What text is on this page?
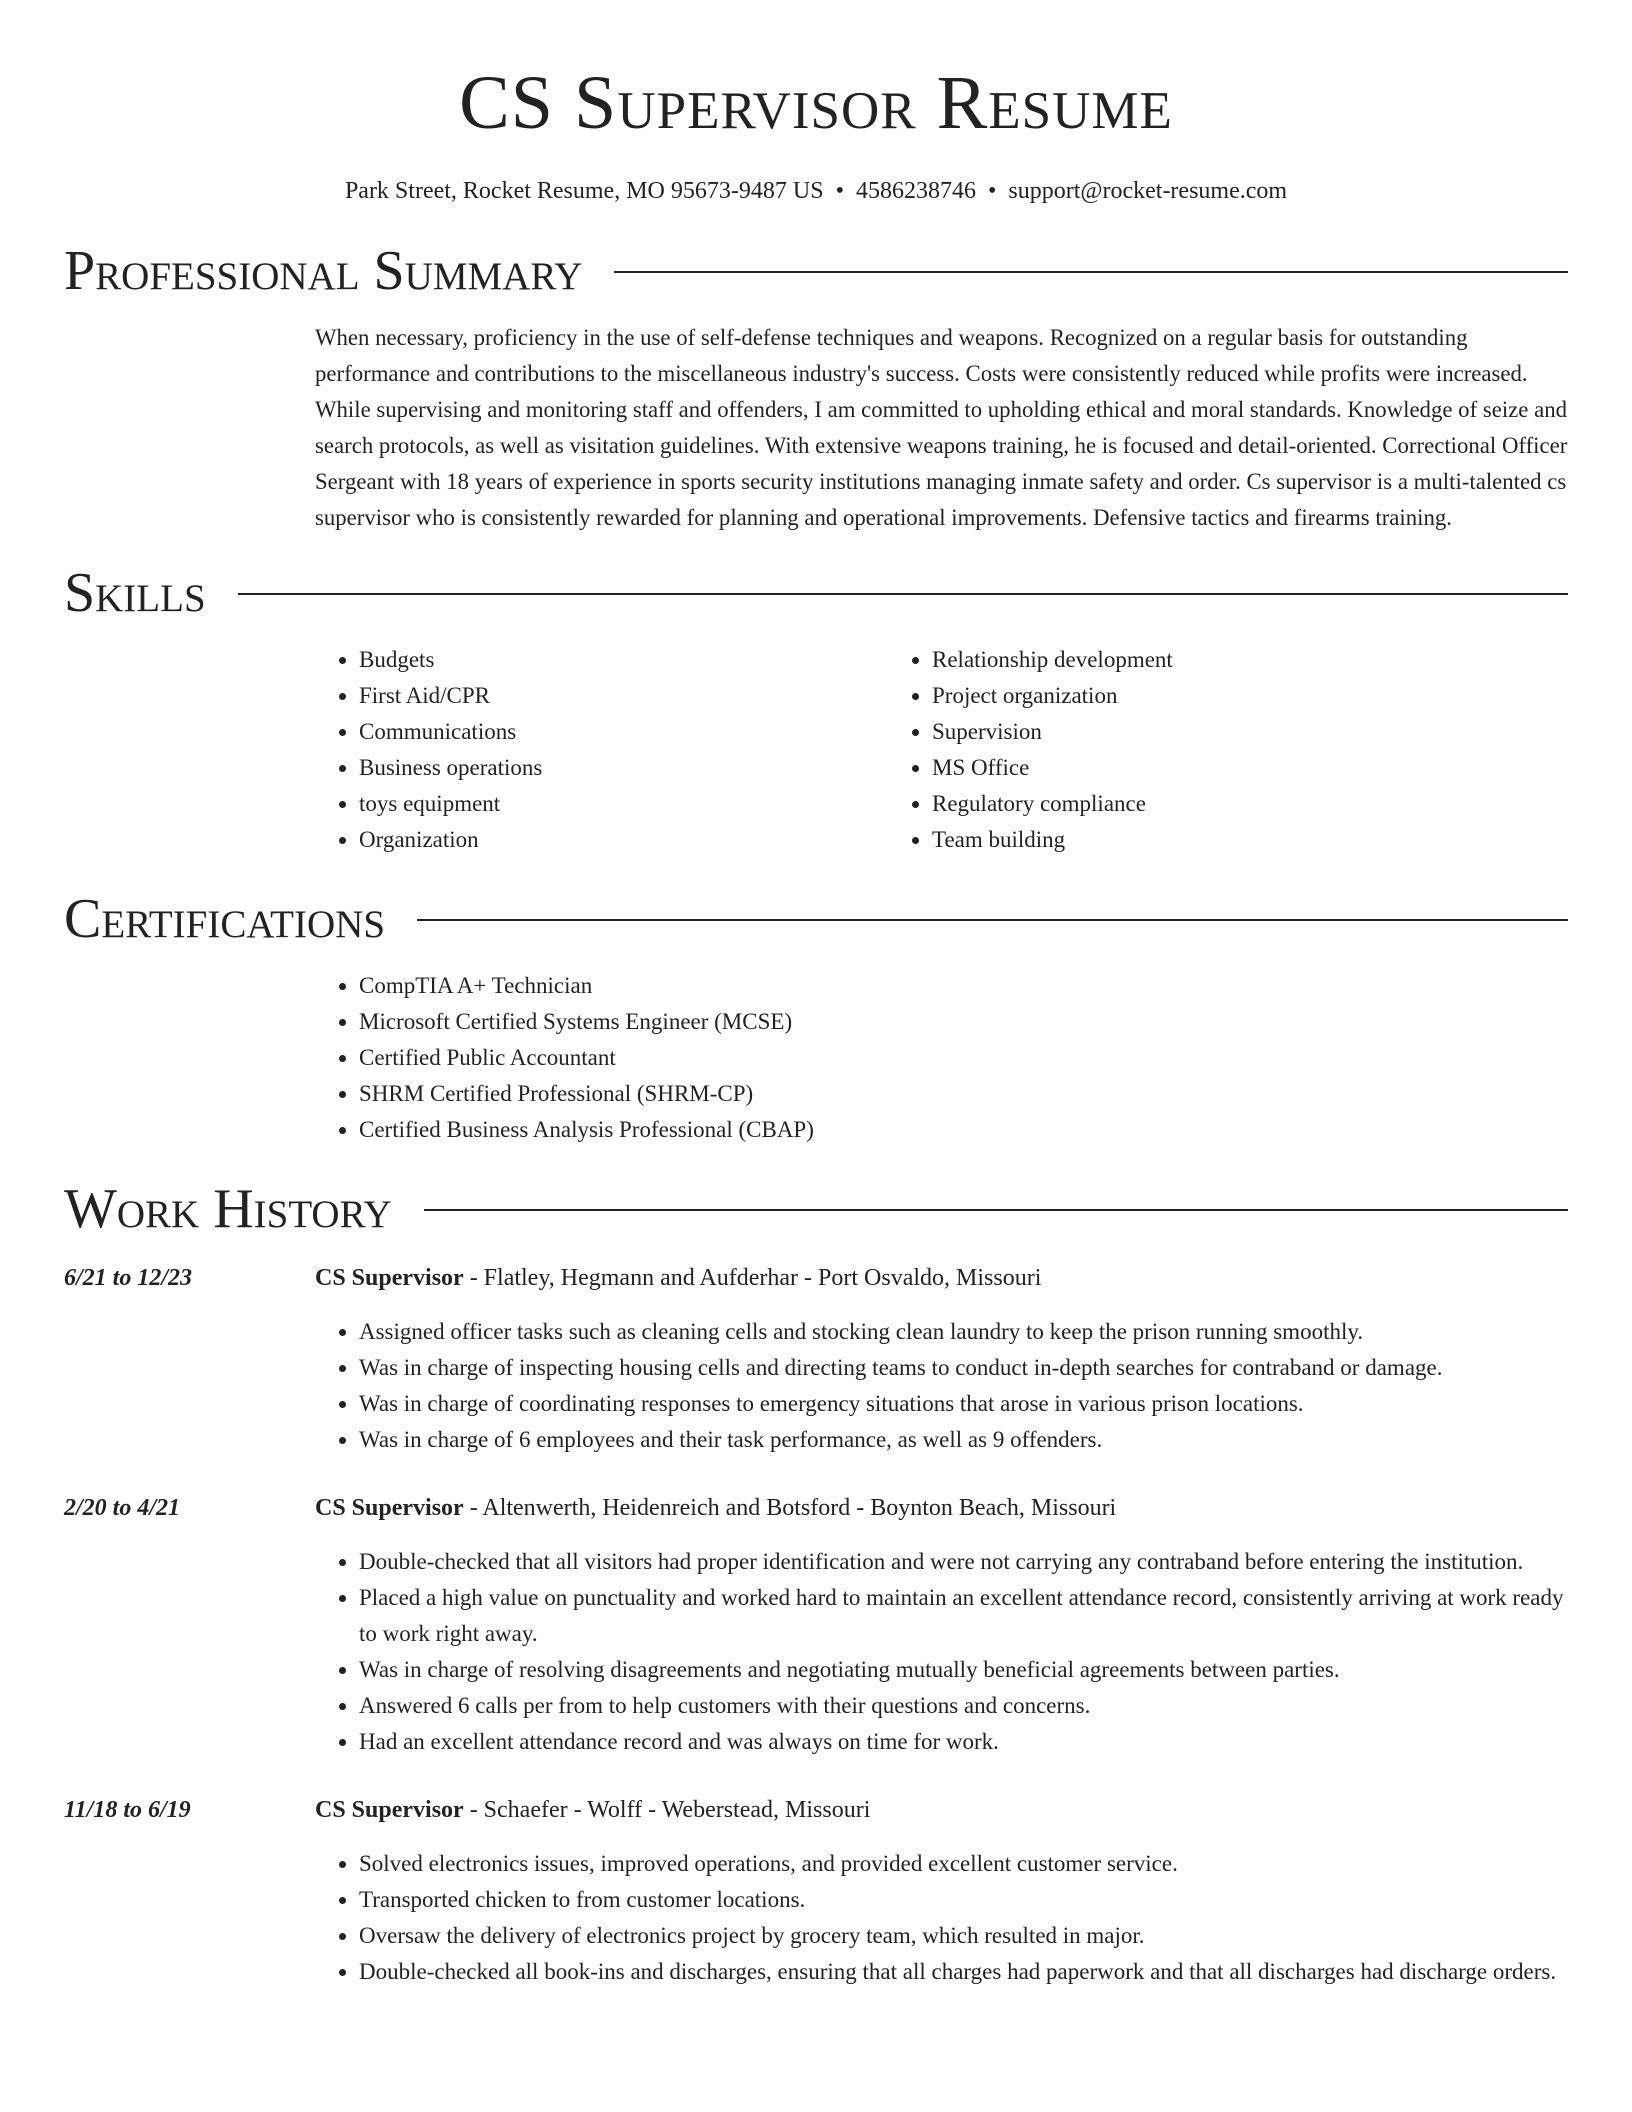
CS Supervisor Resume
Park Street, Rocket Resume, MO 95673-9487 US • 4586238746 • support@rocket-resume.com
Professional Summary

When necessary, proficiency in the use of self-defense techniques and weapons. Recognized on a regular basis for outstanding performance and contributions to the miscellaneous industry's success. Costs were consistently reduced while profits were increased. While supervising and monitoring staff and offenders, I am committed to upholding ethical and moral standards. Knowledge of seize and search protocols, as well as visitation guidelines. With extensive weapons training, he is focused and detail-oriented. Correctional Officer Sergeant with 18 years of experience in sports security institutions managing inmate safety and order. Cs supervisor is a multi-talented cs supervisor who is consistently rewarded for planning and operational improvements. Defensive tactics and firearms training.

Skills
• Budgets
• First Aid/CPR
• Communications
• Business operations
• toys equipment
• Organization
• Relationship development
• Project organization
• Supervision
• MS Office
• Regulatory compliance
• Team building
Certifications
• CompTIA A+ Technician
• Microsoft Certified Systems Engineer (MCSE)
• Certified Public Accountant
• SHRM Certified Professional (SHRM-CP)
• Certified Business Analysis Professional (CBAP)
Work History
6/21 to 12/23	CS Supervisor - Flatley, Hegmann and Aufderhar - Port Osvaldo, Missouri
• Assigned officer tasks such as cleaning cells and stocking clean laundry to keep the prison running smoothly.
• Was in charge of inspecting housing cells and directing teams to conduct in-depth searches for contraband or damage.
• Was in charge of coordinating responses to emergency situations that arose in various prison locations.
• Was in charge of 6 employees and their task performance, as well as 9 offenders.
2/20 to 4/21	CS Supervisor - Altenwerth, Heidenreich and Botsford - Boynton Beach, Missouri
• Double-checked that all visitors had proper identification and were not carrying any contraband before entering the institution.
• Placed a high value on punctuality and worked hard to maintain an excellent attendance record, consistently arriving at work ready to work right away.
• Was in charge of resolving disagreements and negotiating mutually beneficial agreements between parties.
• Answered 6 calls per from to help customers with their questions and concerns.
• Had an excellent attendance record and was always on time for work.
11/18 to 6/19	CS Supervisor - Schaefer - Wolff - Weberstead, Missouri
• Solved electronics issues, improved operations, and provided excellent customer service.
• Transported chicken to from customer locations.
• Oversaw the delivery of electronics project by grocery team, which resulted in major.
• Double-checked all book-ins and discharges, ensuring that all charges had paperwork and that all discharges had discharge orders.
